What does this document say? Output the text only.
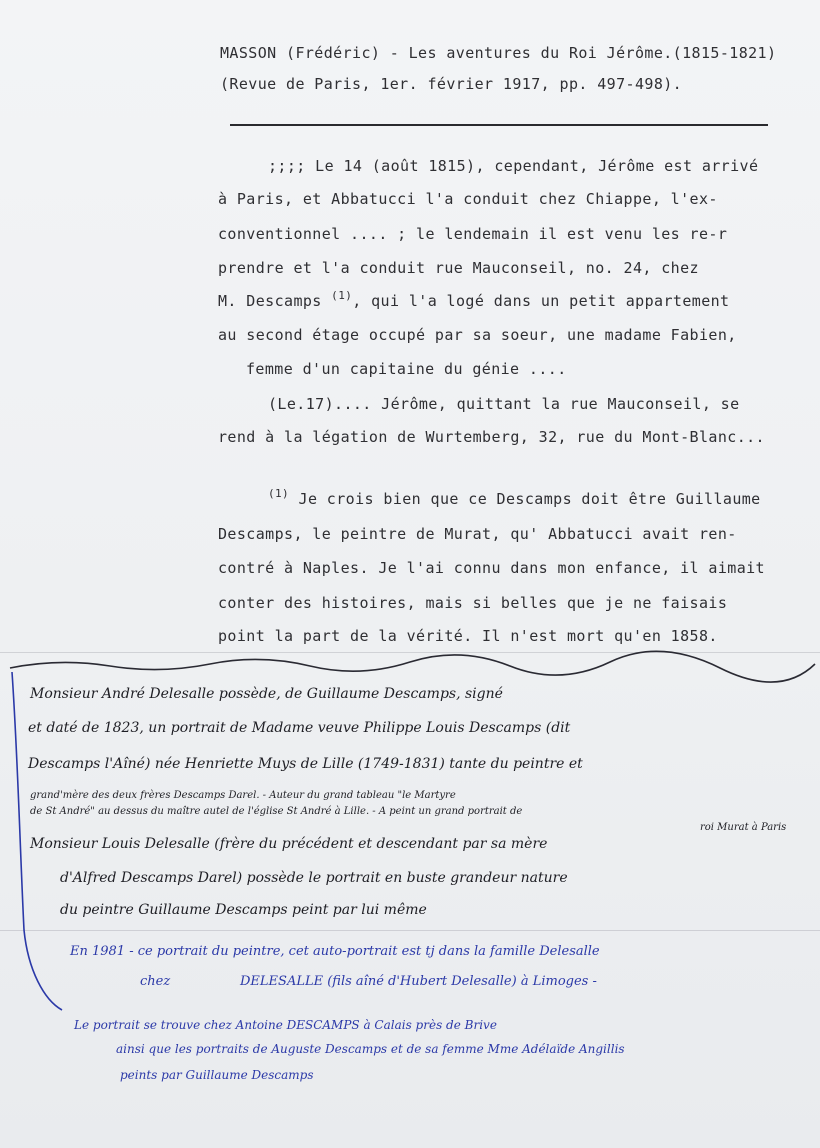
MASSON (Frédéric) - Les aventures du Roi Jérôme.(1815-1821)
(Revue de Paris, 1er. février 1917, pp. 497-498).
;;;; Le 14 (août 1815), cependant, Jérôme est arrivé
à Paris, et Abbatucci l'a conduit chez Chiappe, l'ex-
conventionnel .... ; le lendemain il est venu les re-r
prendre et l'a conduit rue Mauconseil, no. 24, chez
M. Descamps $^{(1)}$, qui l'a logé dans un petit appartement
au second étage occupé par sa soeur, une madame Fabien,
femme d'un capitaine du génie ....
(Le.17).... Jérôme, quittant la rue Mauconseil, se
rend à la légation de Wurtemberg, 32, rue du Mont-Blanc...
$^{(1)}$ Je crois bien que ce Descamps doit être Guillaume
Descamps, le peintre de Murat, qu' Abbatucci avait ren-
contré à Naples. Je l'ai connu dans mon enfance, il aimait
conter des histoires, mais si belles que je ne faisais
point la part de la vérité. Il n'est mort qu'en 1858.
Monsieur André Delesalle possède, de Guillaume Descamps, signé
et daté de 1823, un portrait de Madame veuve Philippe Louis Descamps (dit
Descamps l'Aîné) née Henriette Muys de Lille (1749-1831) tante du peintre et
grand'mère des deux frères Descamps Darel. - Auteur du grand tableau "le Martyre
de St André" au dessus du maître autel de l'église St André à Lille. - A peint un grand portrait de
roi Murat à Paris
Monsieur Louis Delesalle (frère du précédent et descendant par sa mère
d'Alfred Descamps Darel) possède le portrait en buste grandeur nature
du peintre Guillaume Descamps peint par lui même
En 1981 - ce portrait du peintre, cet auto-portrait est tj dans la famille Delesalle
chez	DELESALLE (fils aîné d'Hubert Delesalle) à Limoges -
Le portrait se trouve chez Antoine DESCAMPS à Calais près de Brive
ainsi que les portraits de Auguste Descamps et de sa femme Mme Adélaïde Angillis
peints par Guillaume Descamps
